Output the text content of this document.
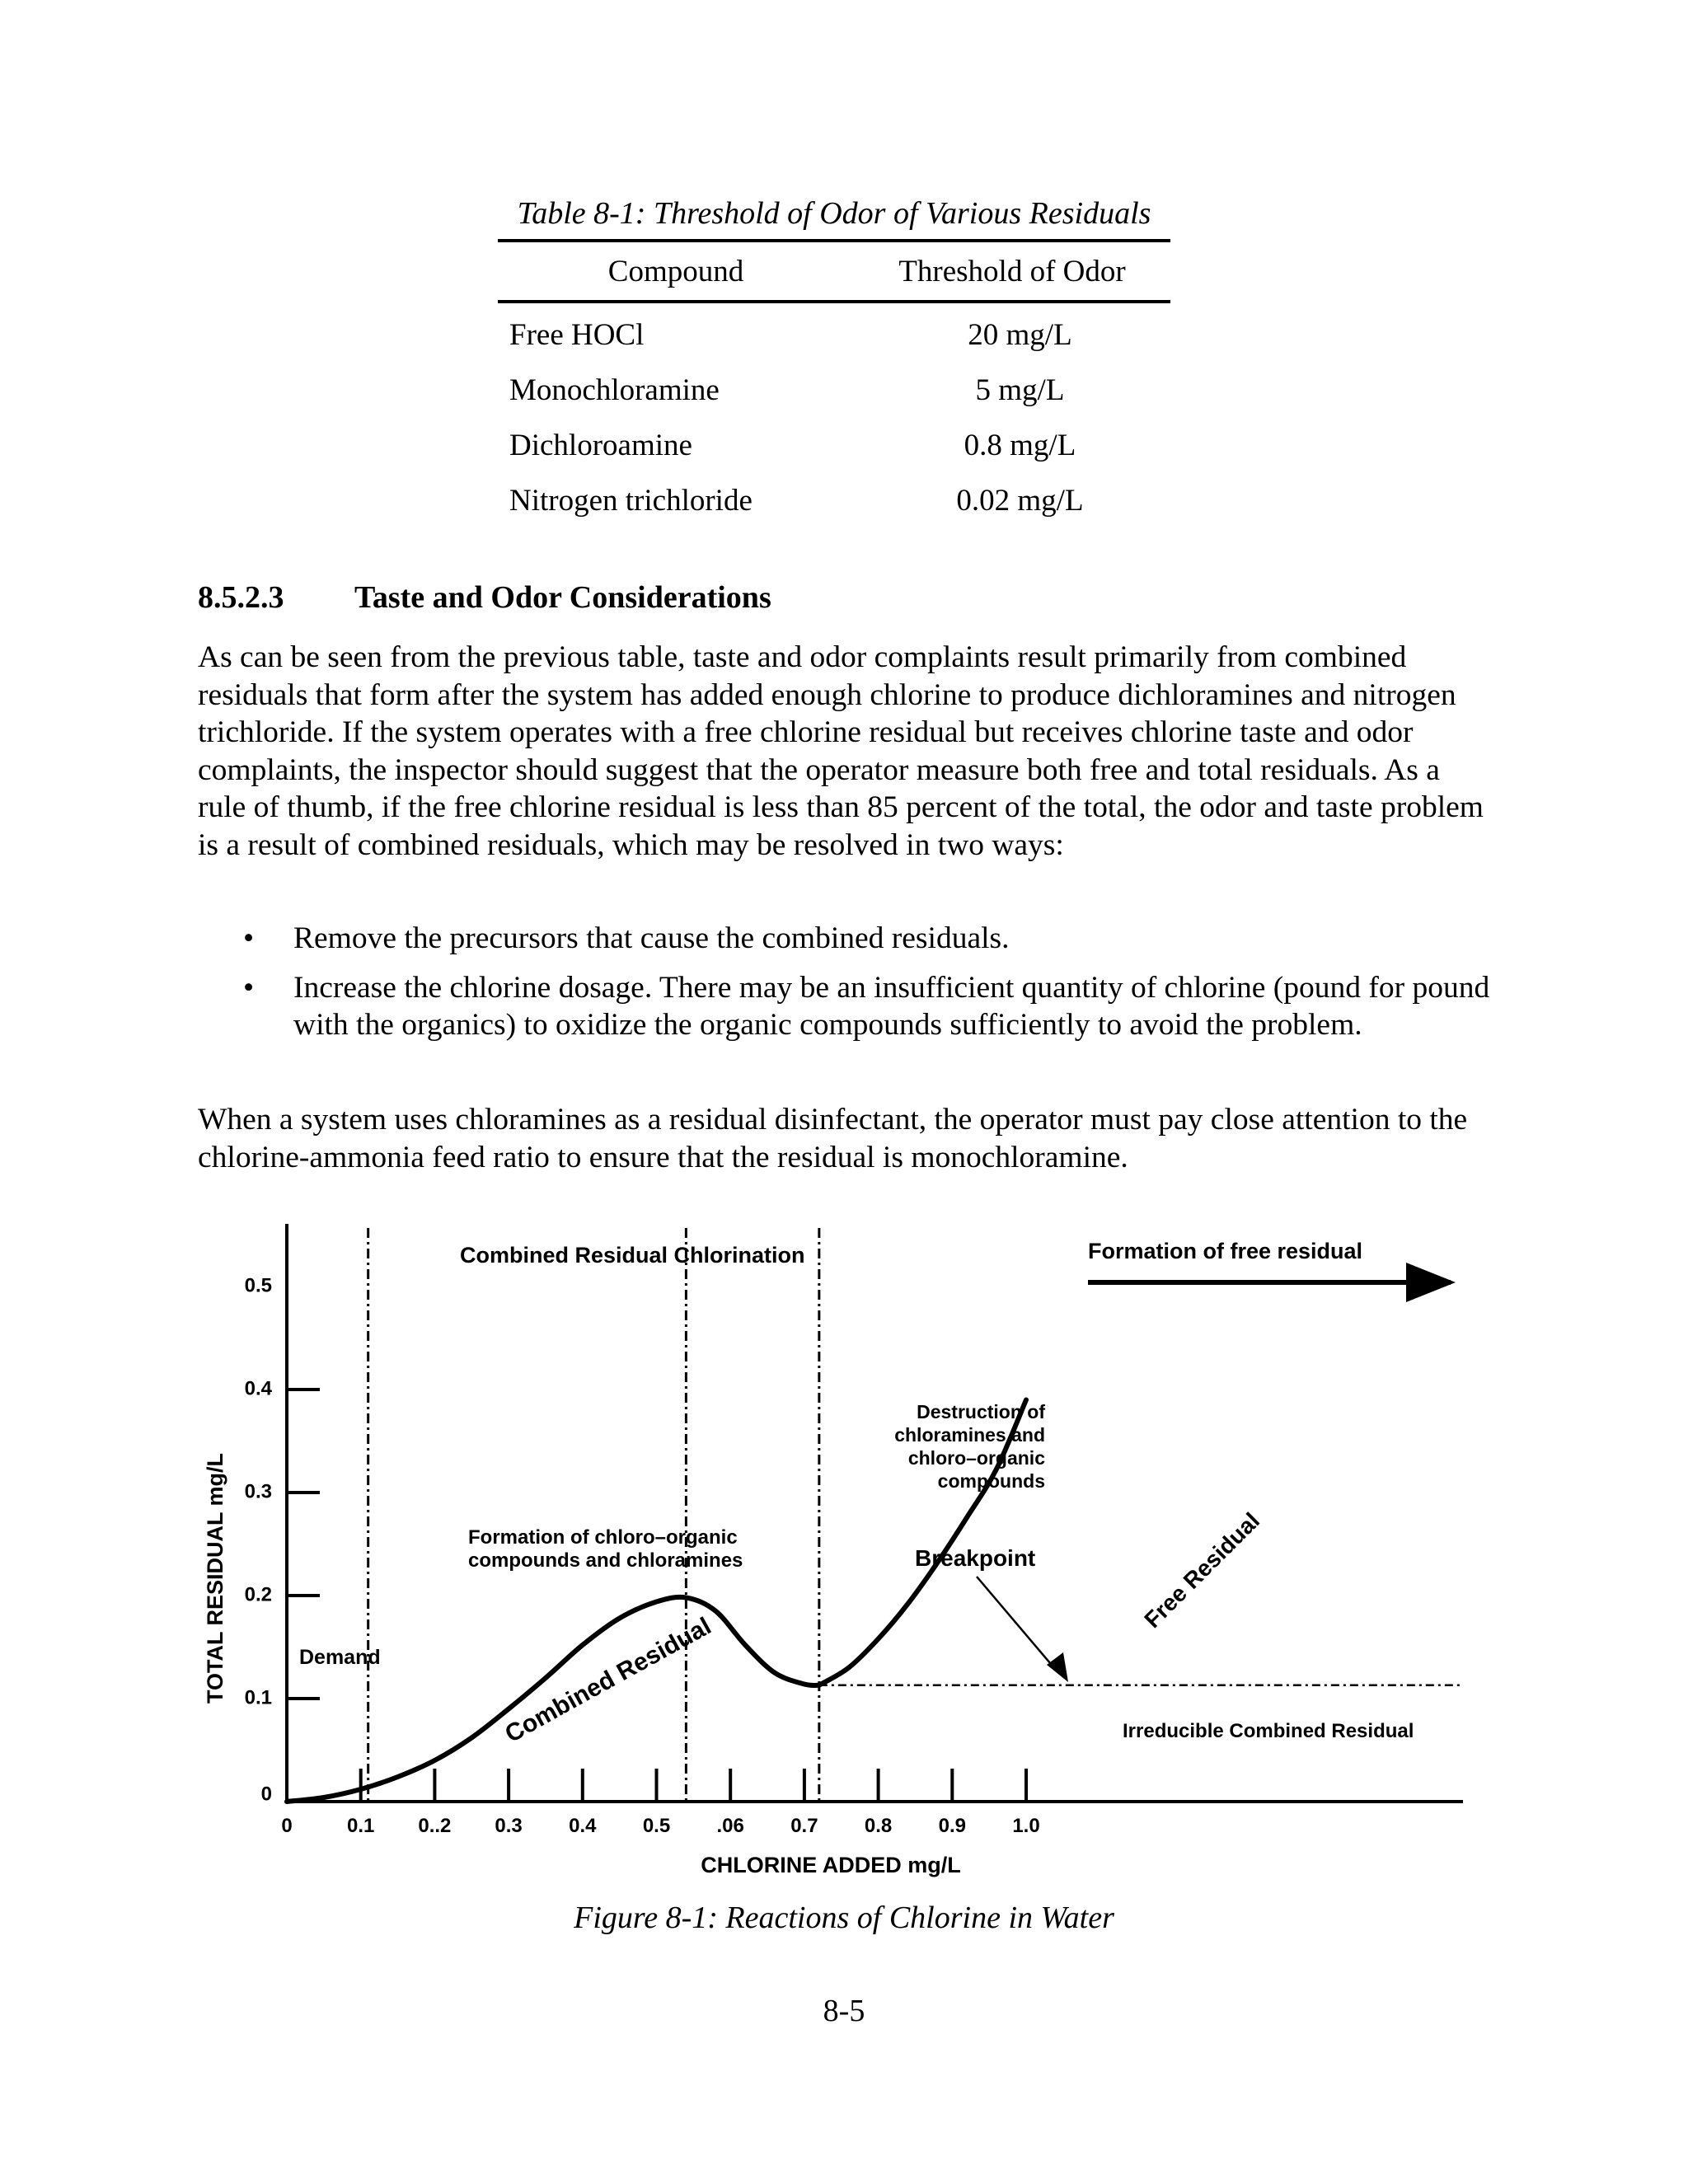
Table 8-1: Threshold of Odor of Various Residuals
Compound	Threshold of Odor
Free HOCl	20 mg/L
Monochloramine	5 mg/L
Dichloroamine	0.8 mg/L
Nitrogen trichloride	0.02 mg/L
8.5.2.3 Taste and Odor Considerations

As can be seen from the previous table, taste and odor complaints result primarily from combined residuals that form after the system has added enough chlorine to produce dichloramines and nitrogen trichloride. If the system operates with a free chlorine residual but receives chlorine taste and odor complaints, the inspector should suggest that the operator measure both free and total residuals. As a rule of thumb, if the free chlorine residual is less than 85 percent of the total, the odor and taste problem is a result of combined residuals, which may be resolved in two ways:

• Remove the precursors that cause the combined residuals.
• Increase the chlorine dosage. There may be an insufficient quantity of chlorine (pound for pound with the organics) to oxidize the organic compounds sufficiently to avoid the problem.

When a system uses chloramines as a residual disinfectant, the operator must pay close attention to the chlorine-ammonia feed ratio to ensure that the residual is monochloramine.

0
0.1
0.2
0.3
0.4
0.5
0	0.1 0..2 0.3 0.4 0.5 .06 0.7 0.8 0.9 1.0
TOTAL RESIDUAL mg/L
CHLORINE ADDED mg/L
Combined Residual Chlorination	Formation of free residual
Demand
Formation of chloro–organic
compounds and chloramines
Destruction of
chloramines and
chloro–organic
compounds
Breakpoint
Irreducible Combined Residual
Combined Residual
Free Residual
Figure 8-1: Reactions of Chlorine in Water
8-5
